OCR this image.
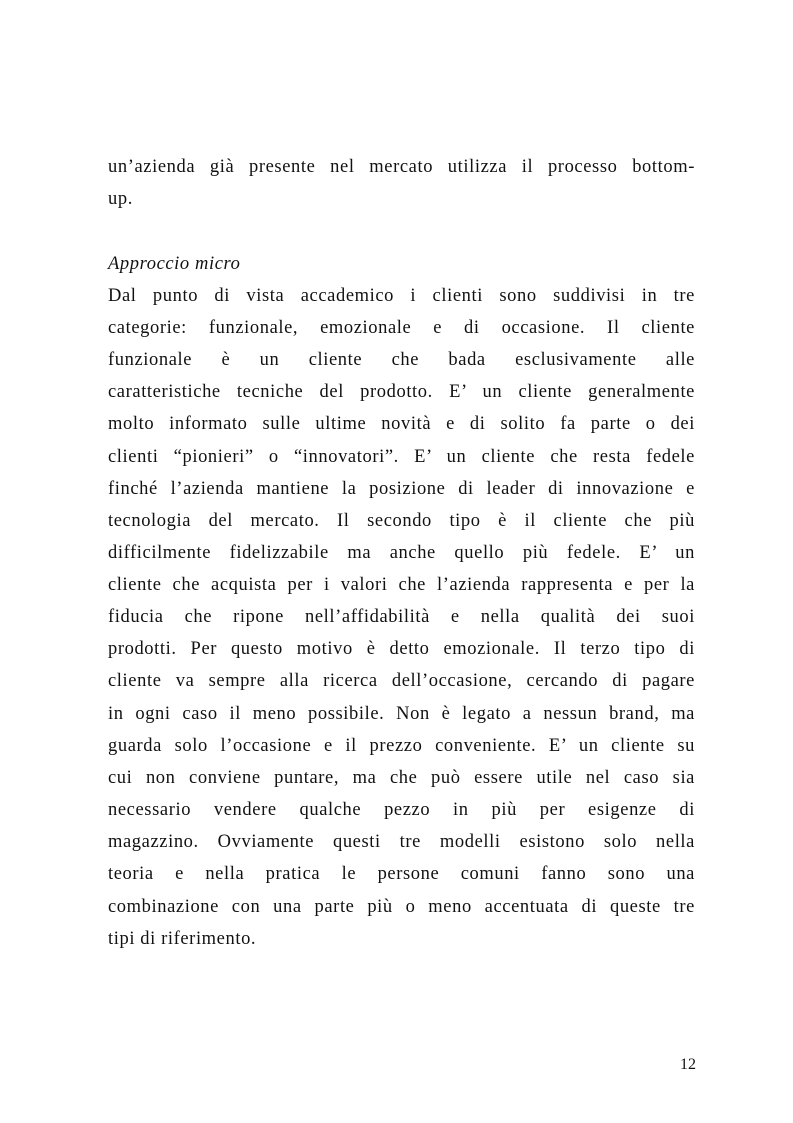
un’azienda già presente nel mercato utilizza il processo bottom-
up.
Approccio micro
Dal punto di vista accademico i clienti sono suddivisi in tre
categorie: funzionale, emozionale e di occasione. Il cliente
funzionale è un cliente che bada esclusivamente alle
caratteristiche tecniche del prodotto. E’ un cliente generalmente
molto informato sulle ultime novità e di solito fa parte o dei
clienti “pionieri” o “innovatori”. E’ un cliente che resta fedele
finché l’azienda mantiene la posizione di leader di innovazione e
tecnologia del mercato. Il secondo tipo è il cliente che più
difficilmente fidelizzabile ma anche quello più fedele. E’ un
cliente che acquista per i valori che l’azienda rappresenta e per la
fiducia che ripone nell’affidabilità e nella qualità dei suoi
prodotti. Per questo motivo è detto emozionale. Il terzo tipo di
cliente va sempre alla ricerca dell’occasione, cercando di pagare
in ogni caso il meno possibile. Non è legato a nessun brand, ma
guarda solo l’occasione e il prezzo conveniente. E’ un cliente su
cui non conviene puntare, ma che può essere utile nel caso sia
necessario vendere qualche pezzo in più per esigenze di
magazzino. Ovviamente questi tre modelli esistono solo nella
teoria e nella pratica le persone comuni fanno sono una
combinazione con una parte più o meno accentuata di queste tre
tipi di riferimento.
12
